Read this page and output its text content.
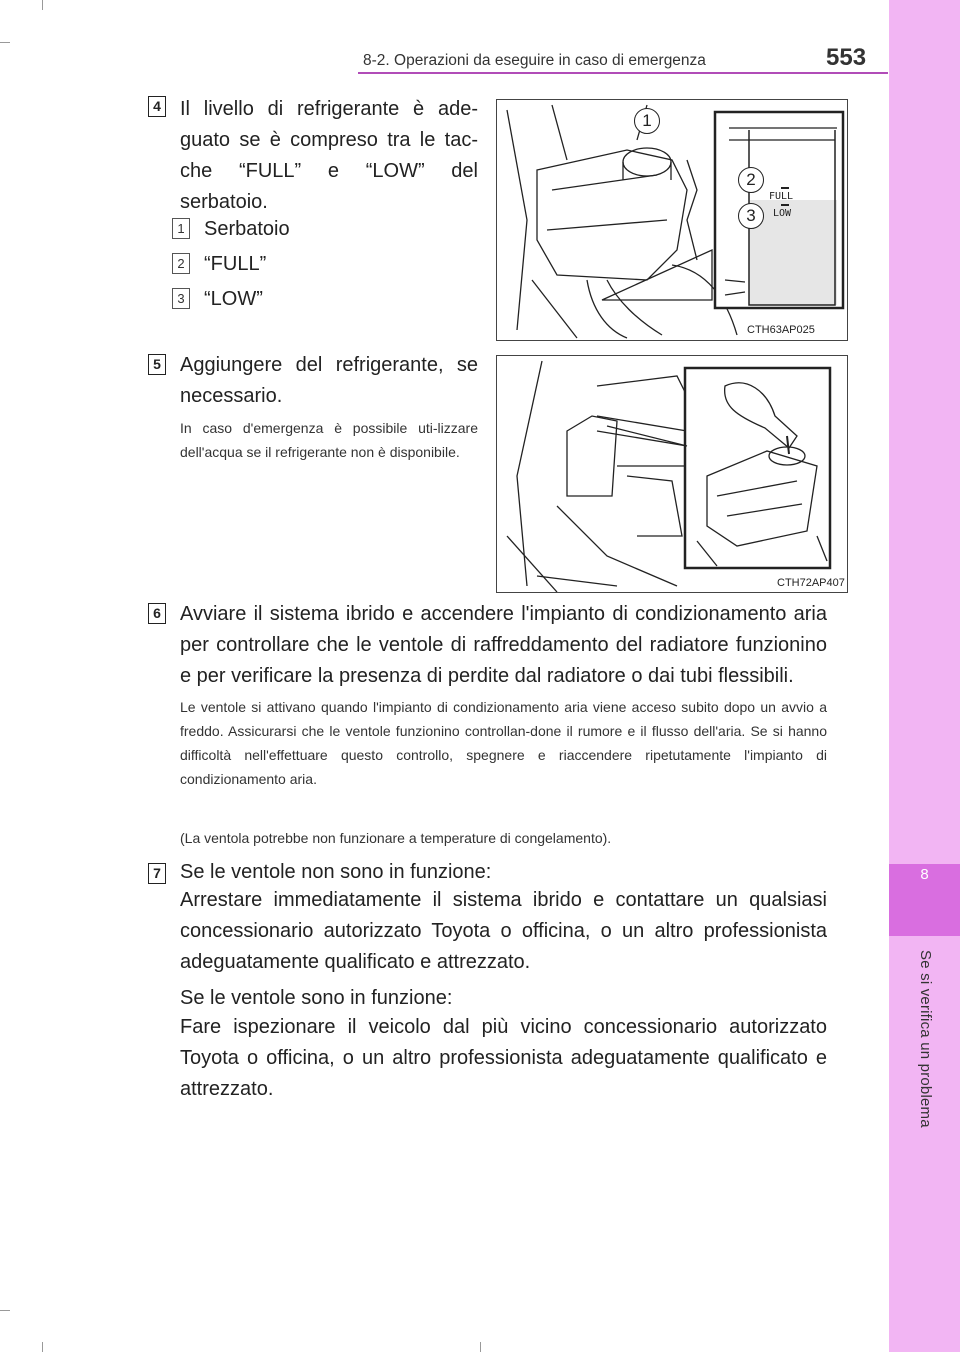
8
Se si verifica un problema
8-2. Operazioni da eseguire in caso di emergenza	553
4 Il livello di refrigerante è ade-guato se è compreso tra le tac-che “FULL” e “LOW” del serbatoio.
1 Serbatoio
2 “FULL”
3 “LOW”
FULL
LOW
1
2
3
CTH63AP025
5 Aggiungere del refrigerante, se necessario.
In caso d'emergenza è possibile uti-lizzare dell'acqua se il refrigerante non è disponibile.
CTH72AP407
6 Avviare il sistema ibrido e accendere l'impianto di condizionamento aria per controllare che le ventole di raffreddamento del radiatore funzionino e per verificare la presenza di perdite dal radiatore o dai tubi flessibili.
Le ventole si attivano quando l'impianto di condizionamento aria viene acceso subito dopo un avvio a freddo. Assicurarsi che le ventole funzionino controllan-done il rumore e il flusso dell'aria. Se si hanno difficoltà nell'effettuare questo controllo, spegnere e riaccendere ripetutamente l'impianto di condizionamento aria.
(La ventola potrebbe non funzionare a temperature di congelamento).
7 Se le ventole non sono in funzione:
Arrestare immediatamente il sistema ibrido e contattare un qualsiasi concessionario autorizzato Toyota o officina, o un altro professionista adeguatamente qualificato e attrezzato.
Se le ventole sono in funzione:
Fare ispezionare il veicolo dal più vicino concessionario autorizzato Toyota o officina, o un altro professionista adeguatamente qualificato e attrezzato.
